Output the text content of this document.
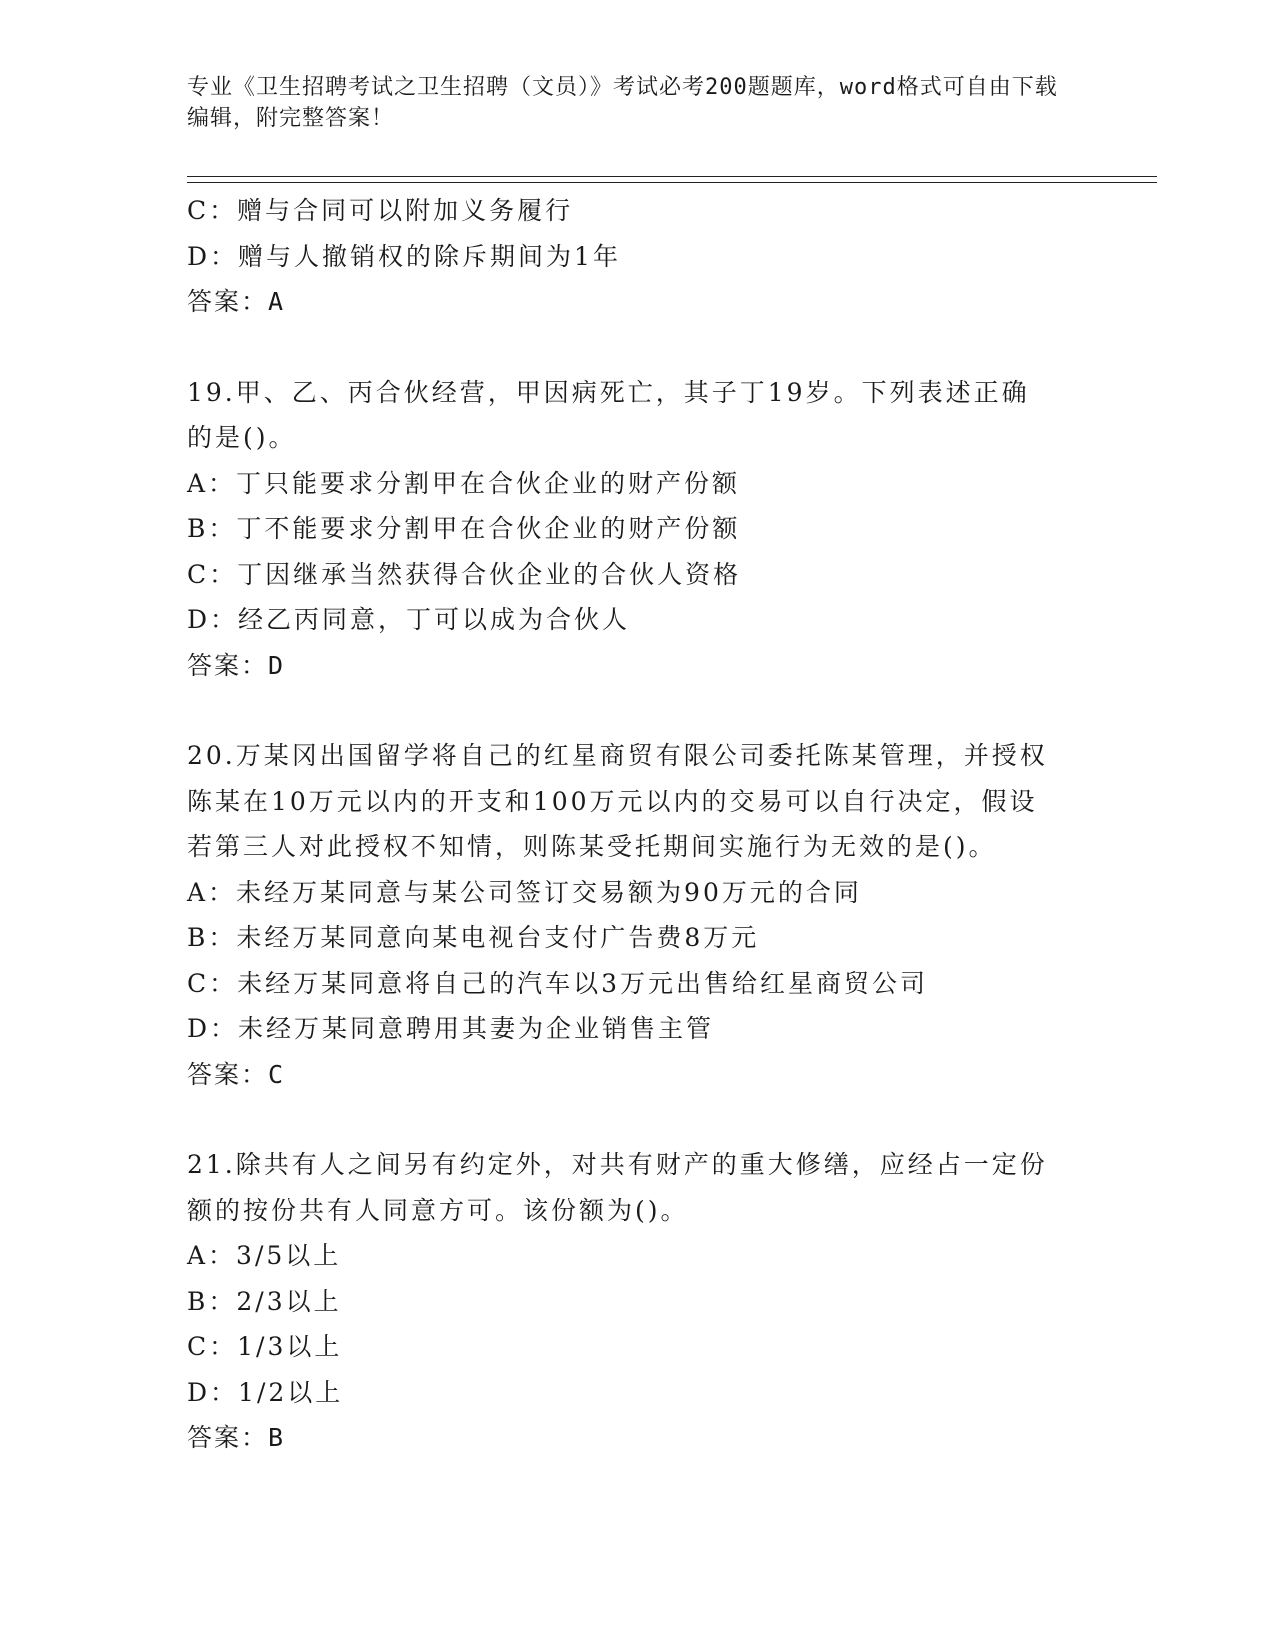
专业《卫生招聘考试之卫生招聘（文员）》考试必考200题题库，word格式可自由下载编辑，附完整答案！
C：赠与合同可以附加义务履行
D：赠与人撤销权的除斥期间为1年
答案：A
19.甲、乙、丙合伙经营，甲因病死亡，其子丁19岁。下列表述正确
的是()。
A：丁只能要求分割甲在合伙企业的财产份额
B：丁不能要求分割甲在合伙企业的财产份额
C：丁因继承当然获得合伙企业的合伙人资格
D：经乙丙同意，丁可以成为合伙人
答案：D
20.万某冈出国留学将自己的红星商贸有限公司委托陈某管理，并授权
陈某在10万元以内的开支和100万元以内的交易可以自行决定，假设
若第三人对此授权不知情，则陈某受托期间实施行为无效的是()。
A：未经万某同意与某公司签订交易额为90万元的合同
B：未经万某同意向某电视台支付广告费8万元
C：未经万某同意将自己的汽车以3万元出售给红星商贸公司
D：未经万某同意聘用其妻为企业销售主管
答案：C
21.除共有人之间另有约定外，对共有财产的重大修缮，应经占一定份
额的按份共有人同意方可。该份额为()。
A：3/5以上
B：2/3以上
C：1/3以上
D：1/2以上
答案：B
